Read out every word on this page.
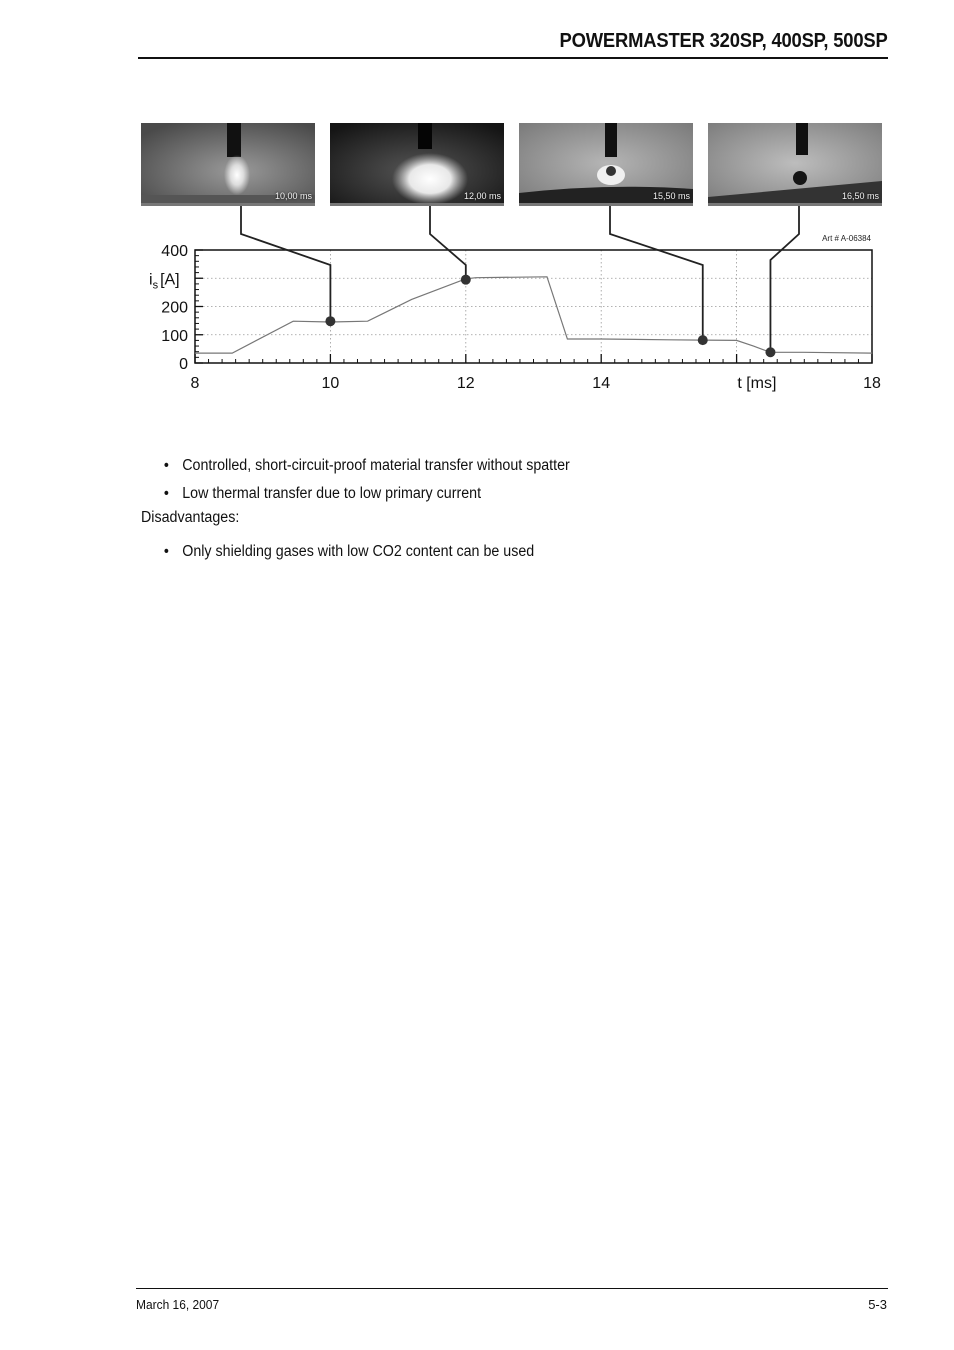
POWERMASTER 320SP, 400SP, 500SP
10,00 ms	12,00 ms	15,50 ms	16,50 ms
Art # A-06384
8	10	12	14	18
0
100
200
400
t [ms]
$i_s$ [A]
• Controlled, short-circuit-proof material transfer without spatter
• Low thermal transfer due to low primary current
Disadvantages:
• Only shielding gases with low CO2 content can be used
March 16, 2007	5-3
